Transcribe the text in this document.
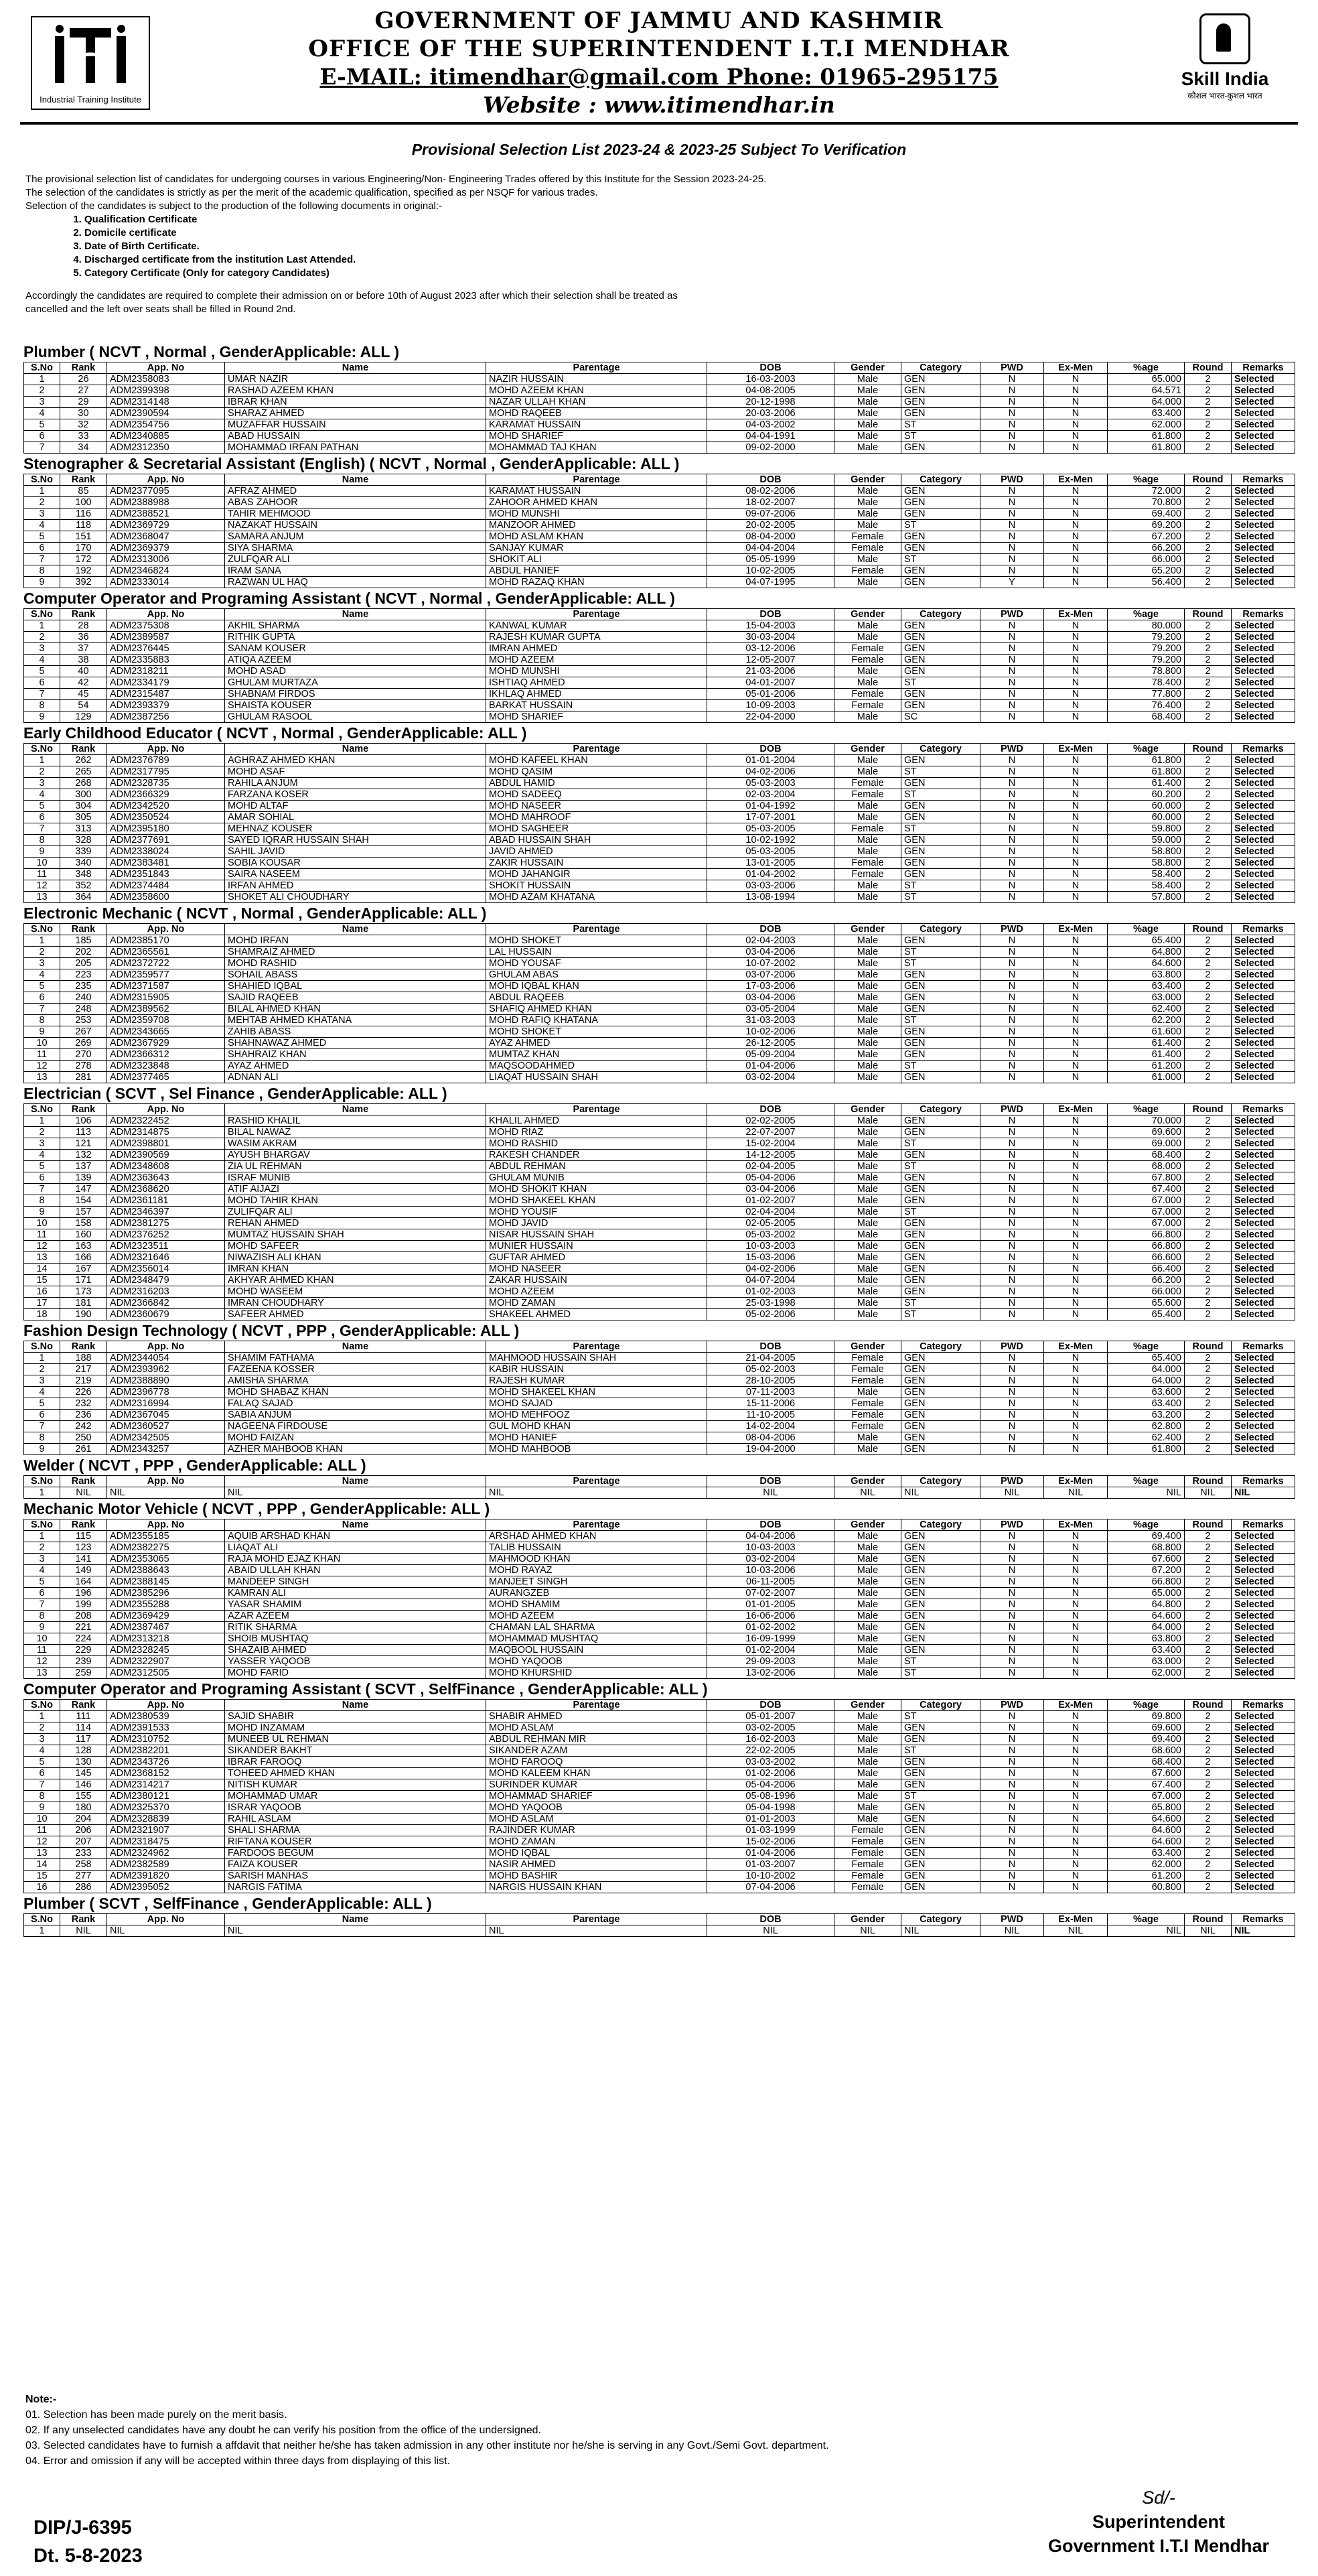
Industrial Training Institute
GOVERNMENT OF JAMMU AND KASHMIR
OFFICE OF THE SUPERINTENDENT I.T.I MENDHAR
E-MAIL: itimendhar@gmail.com Phone: 01965-295175
Website : www.itimendhar.in
Skill India
कौशल भारत-कुशल भारत
Provisional Selection List 2023-24 & 2023-25 Subject To Verification

The provisional selection list of candidates for undergoing courses in various Engineering/Non- Engineering Trades offered by this Institute for the Session 2023-24-25.

The selection of the candidates is strictly as per the merit of the academic qualification, specified as per NSQF for various trades.

Selection of the candidates is subject to the production of the following documents in original:-

1. Qualification Certificate
2. Domicile certificate
3. Date of Birth Certificate.
4. Discharged certificate from the institution Last Attended.
5. Category Certificate (Only for category Candidates)

Accordingly the candidates are required to complete their admission on or before 10th of August 2023 after which their selection shall be treated as

cancelled and the left over seats shall be filled in Round 2nd.

Plumber ( NCVT , Normal , GenderApplicable: ALL )
S.No	Rank	App. No	Name	Parentage	DOB	Gender	Category	PWD	Ex-Men	%age	Round	Remarks
1	26	ADM2358083	UMAR NAZIR	NAZIR HUSSAIN	16-03-2003	Male	GEN	N	N	65.000	2	Selected
2	27	ADM2399398	RASHAD AZEEM KHAN	MOHD AZEEM KHAN	04-08-2005	Male	GEN	N	N	64.571	2	Selected
3	29	ADM2314148	IBRAR KHAN	NAZAR ULLAH KHAN	20-12-1998	Male	GEN	N	N	64.000	2	Selected
4	30	ADM2390594	SHARAZ AHMED	MOHD RAQEEB	20-03-2006	Male	GEN	N	N	63.400	2	Selected
5	32	ADM2354756	MUZAFFAR HUSSAIN	KARAMAT HUSSAIN	04-03-2002	Male	ST	N	N	62.000	2	Selected
6	33	ADM2340885	ABAD HUSSAIN	MOHD SHARIEF	04-04-1991	Male	ST	N	N	61.800	2	Selected
7	34	ADM2312350	MOHAMMAD IRFAN PATHAN	MOHAMMAD TAJ KHAN	09-02-2000	Male	GEN	N	N	61.800	2	Selected
Stenographer & Secretarial Assistant (English) ( NCVT , Normal , GenderApplicable: ALL )
S.No	Rank	App. No	Name	Parentage	DOB	Gender	Category	PWD	Ex-Men	%age	Round	Remarks
1	85	ADM2377095	AFRAZ AHMED	KARAMAT HUSSAIN	08-02-2006	Male	GEN	N	N	72.000	2	Selected
2	100	ADM2388988	ABAS ZAHOOR	ZAHOOR AHMED KHAN	18-02-2007	Male	GEN	N	N	70.800	2	Selected
3	116	ADM2388521	TAHIR MEHMOOD	MOHD MUNSHI	09-07-2006	Male	GEN	N	N	69.400	2	Selected
4	118	ADM2369729	NAZAKAT HUSSAIN	MANZOOR AHMED	20-02-2005	Male	ST	N	N	69.200	2	Selected
5	151	ADM2368047	SAMARA ANJUM	MOHD ASLAM KHAN	08-04-2000	Female	GEN	N	N	67.200	2	Selected
6	170	ADM2369379	SIYA SHARMA	SANJAY KUMAR	04-04-2004	Female	GEN	N	N	66.200	2	Selected
7	172	ADM2313006	ZULFQAR ALI	SHOKIT ALI	05-05-1999	Male	ST	N	N	66.000	2	Selected
8	192	ADM2346824	IRAM SANA	ABDUL HANIEF	10-02-2005	Female	GEN	N	N	65.200	2	Selected
9	392	ADM2333014	RAZWAN UL HAQ	MOHD RAZAQ KHAN	04-07-1995	Male	GEN	Y	N	56.400	2	Selected
Computer Operator and Programing Assistant ( NCVT , Normal , GenderApplicable: ALL )
S.No	Rank	App. No	Name	Parentage	DOB	Gender	Category	PWD	Ex-Men	%age	Round	Remarks
1	28	ADM2375308	AKHIL SHARMA	KANWAL KUMAR	15-04-2003	Male	GEN	N	N	80.000	2	Selected
2	36	ADM2389587	RITHIK GUPTA	RAJESH KUMAR GUPTA	30-03-2004	Male	GEN	N	N	79.200	2	Selected
3	37	ADM2376445	SANAM KOUSER	IMRAN AHMED	03-12-2006	Female	GEN	N	N	79.200	2	Selected
4	38	ADM2335883	ATIQA AZEEM	MOHD AZEEM	12-05-2007	Female	GEN	N	N	79.200	2	Selected
5	40	ADM2318211	MOHD ASAD	MOHD MUNSHI	21-03-2006	Male	GEN	N	N	78.800	2	Selected
6	42	ADM2334179	GHULAM MURTAZA	ISHTIAQ AHMED	04-01-2007	Male	ST	N	N	78.400	2	Selected
7	45	ADM2315487	SHABNAM FIRDOS	IKHLAQ AHMED	05-01-2006	Female	GEN	N	N	77.800	2	Selected
8	54	ADM2393379	SHAISTA KOUSER	BARKAT HUSSAIN	10-09-2003	Female	GEN	N	N	76.400	2	Selected
9	129	ADM2387256	GHULAM RASOOL	MOHD SHARIEF	22-04-2000	Male	SC	N	N	68.400	2	Selected
Early Childhood Educator ( NCVT , Normal , GenderApplicable: ALL )
S.No	Rank	App. No	Name	Parentage	DOB	Gender	Category	PWD	Ex-Men	%age	Round	Remarks
1	262	ADM2376789	AGHRAZ AHMED KHAN	MOHD KAFEEL KHAN	01-01-2004	Male	GEN	N	N	61.800	2	Selected
2	265	ADM2317795	MOHD ASAF	MOHD QASIM	04-02-2006	Male	ST	N	N	61.800	2	Selected
3	268	ADM2328735	RAHILA ANJUM	ABDUL HAMID	05-03-2003	Female	GEN	N	N	61.400	2	Selected
4	300	ADM2366329	FARZANA KOSER	MOHD SADEEQ	02-03-2004	Female	ST	N	N	60.200	2	Selected
5	304	ADM2342520	MOHD ALTAF	MOHD NASEER	01-04-1992	Male	GEN	N	N	60.000	2	Selected
6	305	ADM2350524	AMAR SOHIAL	MOHD MAHROOF	17-07-2001	Male	GEN	N	N	60.000	2	Selected
7	313	ADM2395180	MEHNAZ KOUSER	MOHD SAGHEER	05-03-2005	Female	ST	N	N	59.800	2	Selected
8	328	ADM2377691	SAYED IQRAR HUSSAIN SHAH	ABAD HUSSAIN SHAH	10-02-1992	Male	GEN	N	N	59.000	2	Selected
9	339	ADM2338024	SAHIL JAVID	JAVID AHMED	05-03-2005	Male	GEN	N	N	58.800	2	Selected
10	340	ADM2383481	SOBIA KOUSAR	ZAKIR HUSSAIN	13-01-2005	Female	GEN	N	N	58.800	2	Selected
11	348	ADM2351843	SAIRA NASEEM	MOHD JAHANGIR	01-04-2002	Female	GEN	N	N	58.400	2	Selected
12	352	ADM2374484	IRFAN AHMED	SHOKIT HUSSAIN	03-03-2006	Male	ST	N	N	58.400	2	Selected
13	364	ADM2358600	SHOKET ALI CHOUDHARY	MOHD AZAM KHATANA	13-08-1994	Male	ST	N	N	57.800	2	Selected
Electronic Mechanic ( NCVT , Normal , GenderApplicable: ALL )
S.No	Rank	App. No	Name	Parentage	DOB	Gender	Category	PWD	Ex-Men	%age	Round	Remarks
1	185	ADM2385170	MOHD IRFAN	MOHD SHOKET	02-04-2003	Male	GEN	N	N	65.400	2	Selected
2	202	ADM2365561	SHAMRAIZ AHMED	LAL HUSSAIN	03-04-2006	Male	ST	N	N	64.800	2	Selected
3	205	ADM2372722	MOHD RASHID	MOHD YOUSAF	10-07-2002	Male	ST	N	N	64.600	2	Selected
4	223	ADM2359577	SOHAIL ABASS	GHULAM ABAS	03-07-2006	Male	GEN	N	N	63.800	2	Selected
5	235	ADM2371587	SHAHIED IQBAL	MOHD IQBAL KHAN	17-03-2006	Male	GEN	N	N	63.400	2	Selected
6	240	ADM2315905	SAJID RAQEEB	ABDUL RAQEEB	03-04-2006	Male	GEN	N	N	63.000	2	Selected
7	248	ADM2389562	BILAL AHMED KHAN	SHAFIQ AHMED KHAN	03-05-2004	Male	GEN	N	N	62.400	2	Selected
8	253	ADM2359708	MEHTAB AHMED KHATANA	MOHD RAFIQ KHATANA	31-03-2003	Male	ST	N	N	62.200	2	Selected
9	267	ADM2343665	ZAHIB ABASS	MOHD SHOKET	10-02-2006	Male	GEN	N	N	61.600	2	Selected
10	269	ADM2367929	SHAHNAWAZ AHMED	AYAZ AHMED	26-12-2005	Male	GEN	N	N	61.400	2	Selected
11	270	ADM2366312	SHAHRAIZ KHAN	MUMTAZ KHAN	05-09-2004	Male	GEN	N	N	61.400	2	Selected
12	278	ADM2323848	AYAZ AHMED	MAQSOODAHMED	01-04-2006	Male	ST	N	N	61.200	2	Selected
13	281	ADM2377465	ADNAN ALI	LIAQAT HUSSAIN SHAH	03-02-2004	Male	GEN	N	N	61.000	2	Selected
Electrician ( SCVT , Sel Finance , GenderApplicable: ALL )
S.No	Rank	App. No	Name	Parentage	DOB	Gender	Category	PWD	Ex-Men	%age	Round	Remarks
1	106	ADM2322452	RASHID KHALIL	KHALIL AHMED	02-02-2005	Male	GEN	N	N	70.000	2	Selected
2	113	ADM2314875	BILAL NAWAZ	MOHD RIAZ	22-07-2007	Male	GEN	N	N	69.600	2	Selected
3	121	ADM2398801	WASIM AKRAM	MOHD RASHID	15-02-2004	Male	ST	N	N	69.000	2	Selected
4	132	ADM2390569	AYUSH BHARGAV	RAKESH CHANDER	14-12-2005	Male	GEN	N	N	68.400	2	Selected
5	137	ADM2348608	ZIA UL REHMAN	ABDUL REHMAN	02-04-2005	Male	ST	N	N	68.000	2	Selected
6	139	ADM2363643	ISRAF MUNIB	GHULAM MUNIB	05-04-2006	Male	GEN	N	N	67.800	2	Selected
7	147	ADM2368620	ATIF AIJAZI	MOHD SHOKIT KHAN	03-04-2006	Male	GEN	N	N	67.400	2	Selected
8	154	ADM2361181	MOHD TAHIR KHAN	MOHD SHAKEEL KHAN	01-02-2007	Male	GEN	N	N	67.000	2	Selected
9	157	ADM2346397	ZULIFQAR ALI	MOHD YOUSIF	02-04-2004	Male	ST	N	N	67.000	2	Selected
10	158	ADM2381275	REHAN AHMED	MOHD JAVID	02-05-2005	Male	GEN	N	N	67.000	2	Selected
11	160	ADM2376252	MUMTAZ HUSSAIN SHAH	NISAR HUSSAIN SHAH	05-03-2002	Male	GEN	N	N	66.800	2	Selected
12	163	ADM2323511	MOHD SAFEER	MUNIER HUSSAIN	10-03-2003	Male	GEN	N	N	66.800	2	Selected
13	166	ADM2321646	NIWAZISH ALI KHAN	GUFTAR AHMED	15-03-2006	Male	GEN	N	N	66.600	2	Selected
14	167	ADM2356014	IMRAN KHAN	MOHD NASEER	04-02-2006	Male	GEN	N	N	66.400	2	Selected
15	171	ADM2348479	AKHYAR AHMED KHAN	ZAKAR HUSSAIN	04-07-2004	Male	GEN	N	N	66.200	2	Selected
16	173	ADM2316203	MOHD WASEEM	MOHD AZEEM	01-02-2003	Male	GEN	N	N	66.000	2	Selected
17	181	ADM2366842	IMRAN CHOUDHARY	MOHD ZAMAN	25-03-1998	Male	ST	N	N	65.600	2	Selected
18	190	ADM2360679	SAFEER AHMED	SHAKEEL AHMED	05-02-2006	Male	ST	N	N	65.400	2	Selected
Fashion Design Technology ( NCVT , PPP , GenderApplicable: ALL )
S.No	Rank	App. No	Name	Parentage	DOB	Gender	Category	PWD	Ex-Men	%age	Round	Remarks
1	188	ADM2344054	SHAMIM FATHAMA	MAHMOOD HUSSAIN SHAH	21-04-2005	Female	GEN	N	N	65.400	2	Selected
2	217	ADM2393962	FAZEENA KOSSER	KABIR HUSSAIN	05-02-2003	Female	GEN	N	N	64.000	2	Selected
3	219	ADM2388890	AMISHA SHARMA	RAJESH KUMAR	28-10-2005	Female	GEN	N	N	64.000	2	Selected
4	226	ADM2396778	MOHD SHABAZ KHAN	MOHD SHAKEEL KHAN	07-11-2003	Male	GEN	N	N	63.600	2	Selected
5	232	ADM2316994	FALAQ SAJAD	MOHD SAJAD	15-11-2006	Female	GEN	N	N	63.400	2	Selected
6	236	ADM2367045	SABIA ANJUM	MOHD MEHFOOZ	11-10-2005	Female	GEN	N	N	63.200	2	Selected
7	242	ADM2360527	NAGEENA FIRDOUSE	GUL MOHD KHAN	14-02-2004	Female	GEN	N	N	62.800	2	Selected
8	250	ADM2342505	MOHD FAIZAN	MOHD HANIEF	08-04-2006	Male	GEN	N	N	62.400	2	Selected
9	261	ADM2343257	AZHER MAHBOOB KHAN	MOHD MAHBOOB	19-04-2000	Male	GEN	N	N	61.800	2	Selected
Welder ( NCVT , PPP , GenderApplicable: ALL )
S.No	Rank	App. No	Name	Parentage	DOB	Gender	Category	PWD	Ex-Men	%age	Round	Remarks
1	NIL	NIL	NIL	NIL	NIL	NIL	NIL	NIL	NIL	NIL	NIL	NIL
Mechanic Motor Vehicle ( NCVT , PPP , GenderApplicable: ALL )
S.No	Rank	App. No	Name	Parentage	DOB	Gender	Category	PWD	Ex-Men	%age	Round	Remarks
1	115	ADM2355185	AQUIB ARSHAD KHAN	ARSHAD AHMED KHAN	04-04-2006	Male	GEN	N	N	69.400	2	Selected
2	123	ADM2382275	LIAQAT ALI	TALIB HUSSAIN	10-03-2003	Male	GEN	N	N	68.800	2	Selected
3	141	ADM2353065	RAJA MOHD EJAZ KHAN	MAHMOOD KHAN	03-02-2004	Male	GEN	N	N	67.600	2	Selected
4	149	ADM2388643	ABAID ULLAH KHAN	MOHD RAYAZ	10-03-2006	Male	GEN	N	N	67.200	2	Selected
5	164	ADM2388145	MANDEEP SINGH	MANJEET SINGH	06-11-2005	Male	GEN	N	N	66.800	2	Selected
6	196	ADM2385296	KAMRAN ALI	AURANGZEB	07-02-2007	Male	GEN	N	N	65.000	2	Selected
7	199	ADM2355288	YASAR SHAMIM	MOHD SHAMIM	01-01-2005	Male	GEN	N	N	64.800	2	Selected
8	208	ADM2369429	AZAR AZEEM	MOHD AZEEM	16-06-2006	Male	GEN	N	N	64.600	2	Selected
9	221	ADM2387467	RITIK SHARMA	CHAMAN LAL SHARMA	01-02-2002	Male	GEN	N	N	64.000	2	Selected
10	224	ADM2313218	SHOIB MUSHTAQ	MOHAMMAD MUSHTAQ	16-09-1999	Male	GEN	N	N	63.800	2	Selected
11	229	ADM2328245	SHAZAIB AHMED	MAQBOOL HUSSAIN	01-02-2004	Male	GEN	N	N	63.400	2	Selected
12	239	ADM2322907	YASSER YAQOOB	MOHD YAQOOB	29-09-2003	Male	ST	N	N	63.000	2	Selected
13	259	ADM2312505	MOHD FARID	MOHD KHURSHID	13-02-2006	Male	ST	N	N	62.000	2	Selected
Computer Operator and Programing Assistant ( SCVT , SelfFinance , GenderApplicable: ALL )
S.No	Rank	App. No	Name	Parentage	DOB	Gender	Category	PWD	Ex-Men	%age	Round	Remarks
1	111	ADM2380539	SAJID SHABIR	SHABIR AHMED	05-01-2007	Male	ST	N	N	69.800	2	Selected
2	114	ADM2391533	MOHD INZAMAM	MOHD ASLAM	03-02-2005	Male	GEN	N	N	69.600	2	Selected
3	117	ADM2310752	MUNEEB UL REHMAN	ABDUL REHMAN MIR	16-02-2003	Male	GEN	N	N	69.400	2	Selected
4	128	ADM2382201	SIKANDER BAKHT	SIKANDER AZAM	22-02-2005	Male	ST	N	N	68.600	2	Selected
5	130	ADM2343726	IBRAR FAROOQ	MOHD FAROOQ	03-03-2002	Male	GEN	N	N	68.400	2	Selected
6	145	ADM2368152	TOHEED AHMED KHAN	MOHD KALEEM KHAN	01-02-2006	Male	GEN	N	N	67.600	2	Selected
7	146	ADM2314217	NITISH KUMAR	SURINDER KUMAR	05-04-2006	Male	GEN	N	N	67.400	2	Selected
8	155	ADM2380121	MOHAMMAD UMAR	MOHAMMAD SHARIEF	05-08-1996	Male	ST	N	N	67.000	2	Selected
9	180	ADM2325370	ISRAR YAQOOB	MOHD YAQOOB	05-04-1998	Male	GEN	N	N	65.800	2	Selected
10	204	ADM2328839	RAHIL ASLAM	MOHD ASLAM	01-01-2003	Male	GEN	N	N	64.600	2	Selected
11	206	ADM2321907	SHALI SHARMA	RAJINDER KUMAR	01-03-1999	Female	GEN	N	N	64.600	2	Selected
12	207	ADM2318475	RIFTANA KOUSER	MOHD ZAMAN	15-02-2006	Female	GEN	N	N	64.600	2	Selected
13	233	ADM2324962	FARDOOS BEGUM	MOHD IQBAL	01-04-2006	Female	GEN	N	N	63.400	2	Selected
14	258	ADM2382589	FAIZA KOUSER	NASIR AHMED	01-03-2007	Female	GEN	N	N	62.000	2	Selected
15	277	ADM2391820	SARISH MANHAS	MOHD BASHIR	10-10-2002	Female	GEN	N	N	61.200	2	Selected
16	286	ADM2395052	NARGIS FATIMA	NARGIS HUSSAIN KHAN	07-04-2006	Female	GEN	N	N	60.800	2	Selected
Plumber ( SCVT , SelfFinance , GenderApplicable: ALL )
S.No	Rank	App. No	Name	Parentage	DOB	Gender	Category	PWD	Ex-Men	%age	Round	Remarks
1	NIL	NIL	NIL	NIL	NIL	NIL	NIL	NIL	NIL	NIL	NIL	NIL
Note:-
01. Selection has been made purely on the merit basis.
02. If any unselected candidates have any doubt he can verify his position from the office of the undersigned.
03. Selected candidates have to furnish a affdavit that neither he/she has taken admission in any other institute nor he/she is serving in any Govt./Semi Govt. department.
04. Error and omission if any will be accepted within three days from displaying of this list.
DIP/J-6395
Dt. 5-8-2023
Sd/-
Superintendent
Government I.T.I Mendhar
